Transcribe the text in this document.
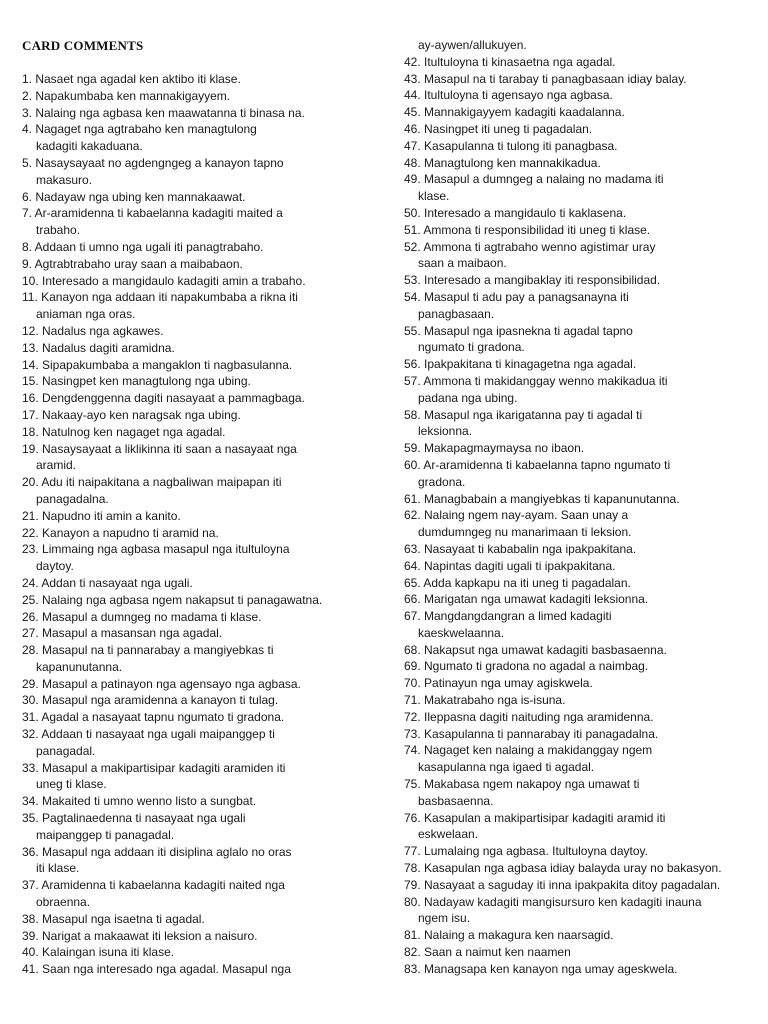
CARD COMMENTS
1. Nasaet nga agadal ken aktibo iti klase.
2. Napakumbaba ken mannakigayyem.
3. Nalaing nga agbasa ken maawatanna ti binasa na.
4. Nagaget nga agtrabaho ken managtulong
kadagiti kakaduana.
5. Nasaysayaat no agdengngeg a kanayon tapno
makasuro.
6. Nadayaw nga ubing ken mannakaawat.
7. Ar-aramidenna ti kabaelanna kadagiti maited a
trabaho.
8. Addaan ti umno nga ugali iti panagtrabaho.
9. Agtrabtrabaho uray saan a maibabaon.
10. Interesado a mangidaulo kadagiti amin a trabaho.
11. Kanayon nga addaan iti napakumbaba a rikna iti
aniaman nga oras.
12. Nadalus nga agkawes.
13. Nadalus dagiti aramidna.
14. Sipapakumbaba a mangaklon ti nagbasulanna.
15. Nasingpet ken managtulong nga ubing.
16. Dengdenggenna dagiti nasayaat a pammagbaga.
17. Nakaay-ayo ken naragsak nga ubing.
18. Natulnog ken nagaget nga agadal.
19. Nasaysayaat a liklikinna iti saan a nasayaat nga
aramid.
20. Adu iti naipakitana a nagbaliwan maipapan iti
panagadalna.
21. Napudno iti amin a kanito.
22. Kanayon a napudno ti aramid na.
23. Limmaing nga agbasa masapul nga itultuloyna
daytoy.
24. Addan ti nasayaat nga ugali.
25. Nalaing nga agbasa ngem nakapsut ti panagawatna.
26. Masapul a dumngeg no madama ti klase.
27. Masapul a masansan nga agadal.
28. Masapul na ti pannarabay a mangiyebkas ti
kapanunutanna.
29. Masapul a patinayon nga agensayo nga agbasa.
30. Masapul nga aramidenna a kanayon ti tulag.
31. Agadal a nasayaat tapnu ngumato ti gradona.
32. Addaan ti nasayaat nga ugali maipanggep ti
panagadal.
33. Masapul a makipartisipar kadagiti aramiden iti
uneg ti klase.
34. Makaited ti umno wenno listo a sungbat.
35. Pagtalinaedenna ti nasayaat nga ugali
maipanggep ti panagadal.
36. Masapul nga addaan iti disiplina aglalo no oras
iti klase.
37. Aramidenna ti kabaelanna kadagiti naited nga
obraenna.
38. Masapul nga isaetna ti agadal.
39. Narigat a makaawat iti leksion a naisuro.
40. Kalaingan isuna iti klase.
41. Saan nga interesado nga agadal. Masapul nga
ay-aywen/allukuyen.
42. Itultuloyna ti kinasaetna nga agadal.
43. Masapul na ti tarabay ti panagbasaan idiay balay.
44. Itultuloyna ti agensayo nga agbasa.
45. Mannakigayyem kadagiti kaadalanna.
46. Nasingpet iti uneg ti pagadalan.
47. Kasapulanna ti tulong iti panagbasa.
48. Managtulong ken mannakikadua.
49. Masapul a dumngeg a nalaing no madama iti
klase.
50. Interesado a mangidaulo ti kaklasena.
51. Ammona ti responsibilidad iti uneg ti klase.
52. Ammona ti agtrabaho wenno agistimar uray
saan a maibaon.
53. Interesado a mangibaklay iti responsibilidad.
54. Masapul ti adu pay a panagsanayna iti
panagbasaan.
55. Masapul nga ipasnekna ti agadal tapno
ngumato ti gradona.
56. Ipakpakitana ti kinagagetna nga agadal.
57. Ammona ti makidanggay wenno makikadua iti
padana nga ubing.
58. Masapul nga ikarigatanna pay ti agadal ti
leksionna.
59. Makapagmaymaysa no ibaon.
60. Ar-aramidenna ti kabaelanna tapno ngumato ti
gradona.
61. Managbabain a mangiyebkas ti kapanunutanna.
62. Nalaing ngem nay-ayam. Saan unay a
dumdumngeg nu manarimaan ti leksion.
63. Nasayaat ti kababalin nga ipakpakitana.
64. Napintas dagiti ugali ti ipakpakitana.
65. Adda kapkapu na iti uneg ti pagadalan.
66. Marigatan nga umawat kadagiti leksionna.
67. Mangdangdangran a limed kadagiti
kaeskwelaanna.
68. Nakapsut nga umawat kadagiti basbasaenna.
69. Ngumato ti gradona no agadal a naimbag.
70. Patinayun nga umay agiskwela.
71. Makatrabaho nga is-isuna.
72. Ileppasna dagiti naituding nga aramidenna.
73. Kasapulanna ti pannarabay iti panagadalna.
74. Nagaget ken nalaing a makidanggay ngem
kasapulanna nga igaed ti agadal.
75. Makabasa ngem nakapoy nga umawat ti
basbasaenna.
76. Kasapulan a makipartisipar kadagiti aramid iti
eskwelaan.
77. Lumalaing nga agbasa. Itultuloyna daytoy.
78. Kasapulan nga agbasa idiay balayda uray no bakasyon.
79. Nasayaat a saguday iti inna ipakpakita ditoy pagadalan.
80. Nadayaw kadagiti mangisursuro ken kadagiti inauna
ngem isu.
81. Nalaing a makagura ken naarsagid.
82. Saan a naimut ken naamen
83. Managsapa ken kanayon nga umay ageskwela.
